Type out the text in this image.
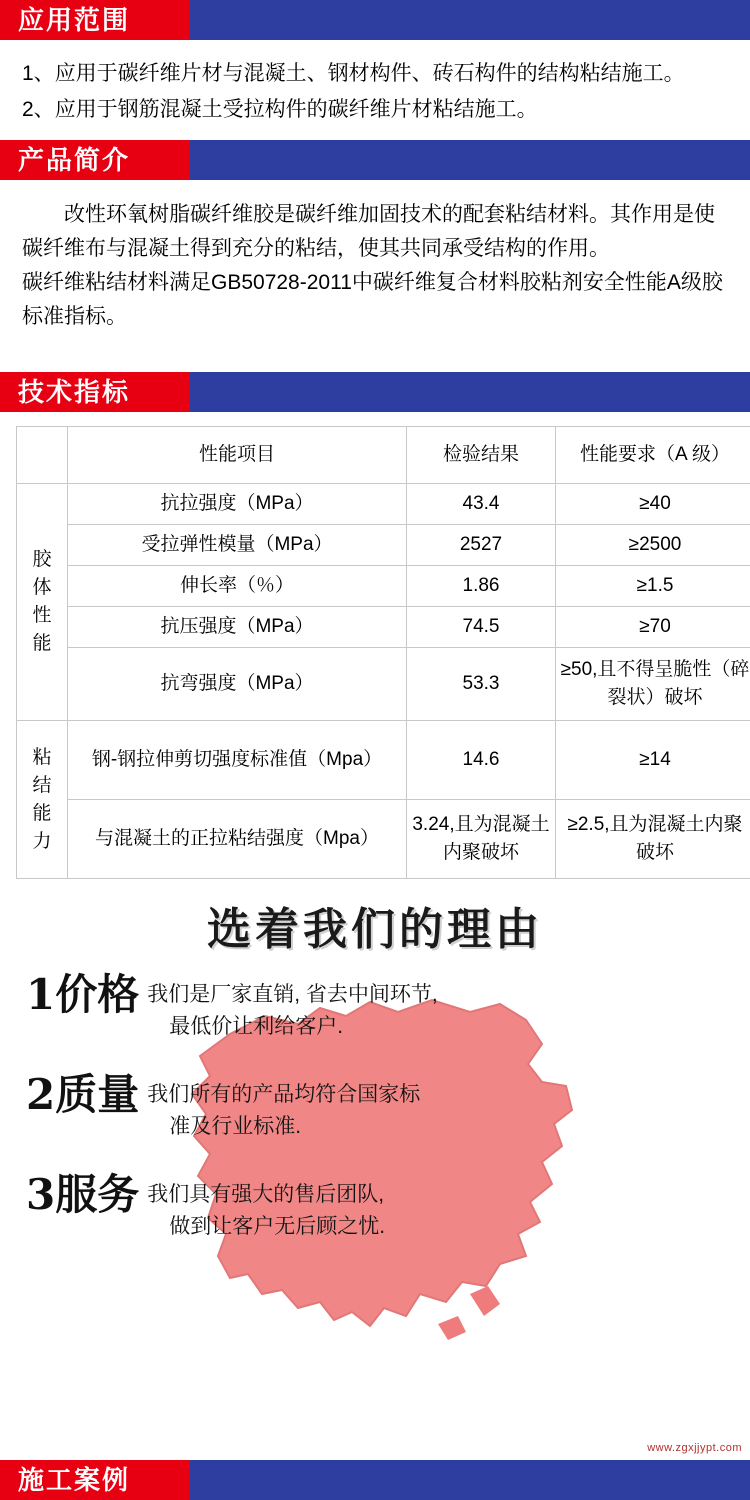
应用范围
1、 应用于碳纤维片材与混凝土、钢材构件、砖石构件的结构粘结施工。
2、 应用于钢筋混凝土受拉构件的碳纤维片材粘结施工。
产品简介

改性环氧树脂碳纤维胶是碳纤维加固技术的配套粘结材料。其作用是使碳纤维布与混凝土得到充分的粘结，使其共同承受结构的作用。

碳纤维粘结材料满足GB50728-2011中碳纤维复合材料胶粘剂安全性能A级胶标准指标。

技术指标
	性能项目	检验结果	性能要求（A 级）

胶
体
性
能	抗拉强度（MPa）	43.4	≥40
	受拉弹性模量（MPa）	2527	≥2500
	伸长率（％）	1.86	≥1.5
	抗压强度（MPa）	74.5	≥70
	抗弯强度（MPa）	53.3	≥50,且不得呈脆性（碎裂状）破坏

粘
结
能
力	钢-钢拉伸剪切强度标准值（Mpa）	14.6	≥14
	与混凝土的正拉粘结强度（Mpa）	3.24,且为混凝土内聚破坏	≥2.5,且为混凝土内聚破坏
选着我们的理由
1价格 我们是厂家直销, 省去中间环节,
最低价让利给客户.
2质量 我们所有的产品均符合国家标
准及行业标准.
3服务 我们具有强大的售后团队,
做到让客户无后顾之忧.
www.zgxjjypt.com
施工案例
